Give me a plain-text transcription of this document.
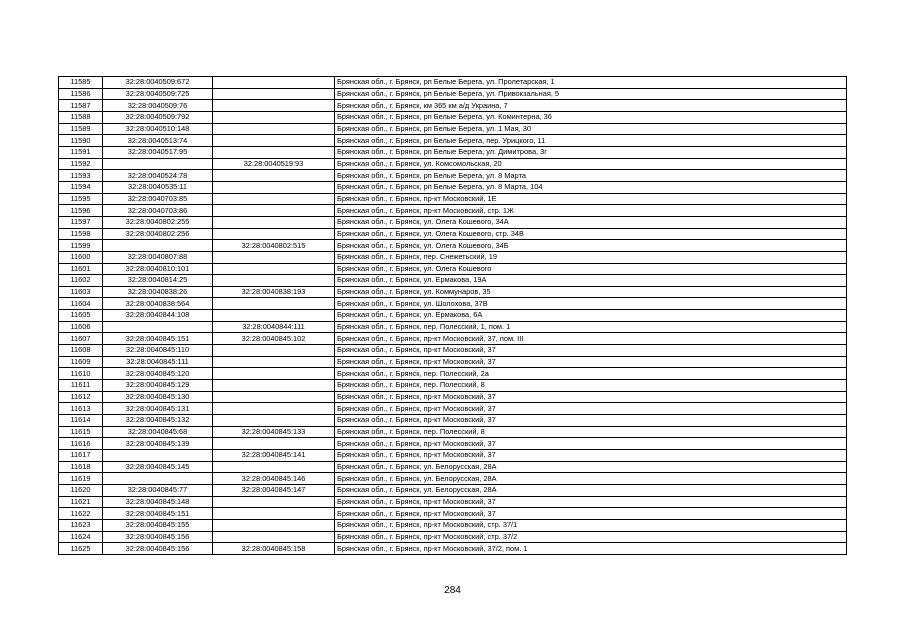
11585	32:28:0040509:672		Брянская обл., г. Брянск, рп Белые Берега, ул. Пролетарская, 1
11586	32:28:0040509:725		Брянская обл., г. Брянск, рп Белые Берега, ул. Привокзальная, 5
11587	32:28:0040509:76		Брянская обл., г. Брянск, км 365 км а/д Украина, 7
11588	32:28:0040509:792		Брянская обл., г. Брянск, рп Белые Берега, ул. Коминтерна, 36
11589	32:28:0040510:148		Брянская обл., г. Брянск, рп Белые Берега, ул. 1 Мая, 30
11590	32:28:0040513:74		Брянская обл., г. Брянск, рп Белые Берега, пер. Урицкого, 11
11591	32:28:0040517:95		Брянская обл., г. Брянск, рп Белые Берега, ул. Димитрова, 3г
11592		32:28:0040519:93	Брянская обл., г. Брянск, ул. Комсомольская, 20
11593	32:28:0040524:78		Брянская обл., г. Брянск, рп Белые Берега, ул. 8 Марта
11594	32:28:0040535:11		Брянская обл., г. Брянск, рп Белые Берега, ул. 8 Марта, 104
11595	32:28:0040703:85		Брянская обл., г. Брянск, пр-кт Московский, 1Е
11596	32:28:0040703:86		Брянская обл., г. Брянск, пр-кт Московский, стр. 1Ж
11597	32:28:0040802:255		Брянская обл., г. Брянск, ул. Олега Кошевого, 34А
11598	32:28:0040802:256		Брянская обл., г. Брянск, ул. Олега Кошевого, стр. 34В
11599		32:28:0040802:515	Брянская обл., г. Брянск, ул. Олега Кошевого, 34Б
11600	32:28:0040807:88		Брянская обл., г. Брянск, пер. Снежетьский, 19
11601	32:28:0040810:101		Брянская обл., г. Брянск, ул. Олега Кошевого
11602	32:28:0040814:25		Брянская обл., г. Брянск, ул. Ермакова, 19А
11603	32:28:0040838:26	32:28:0040838:193	Брянская обл., г. Брянск, ул. Коммунаров, 35
11604	32:28:0040838:564		Брянская обл., г. Брянск, ул. Шолохова, 37В
11605	32:28:0040844:108		Брянская обл., г. Брянск, ул. Ермакова, 6А
11606		32:28:0040844:111	Брянская обл., г. Брянск, пер. Полесский, 1, пом. 1
11607	32:28:0040845:151	32:28:0040845:102	Брянская обл., г. Брянск, пр-кт Московский, 37, пом. III
11608	32:28:0040845:110		Брянская обл., г. Брянск, пр-кт Московский, 37
11609	32:28:0040845:111		Брянская обл., г. Брянск, пр-кт Московский, 37
11610	32:28:0040845:120		Брянская обл., г. Брянск, пер. Полесский, 2а
11611	32:28:0040845:129		Брянская обл., г. Брянск, пер. Полесский, 8
11612	32:28:0040845:130		Брянская обл., г. Брянск, пр-кт Московский, 37
11613	32:28:0040845:131		Брянская обл., г. Брянск, пр-кт Московский, 37
11614	32:28:0040845:132		Брянская обл., г. Брянск, пр-кт Московский, 37
11615	32:28:0040845:68	32:28:0040845:133	Брянская обл., г. Брянск, пер. Полесский, 8
11616	32:28:0040845:139		Брянская обл., г. Брянск, пр-кт Московский, 37
11617		32:28:0040845:141	Брянская обл., г. Брянск, пр-кт Московский, 37
11618	32:28:0040845:145		Брянская обл., г. Брянск, ул. Белорусская, 28А
11619		32:28:0040845:146	Брянская обл., г. Брянск, ул. Белорусская, 28А
11620	32:28:0040845:77	32:28:0040845:147	Брянская обл., г. Брянск, ул. Белорусская, 28А
11621	32:28:0040845:148		Брянская обл., г. Брянск, пр-кт Московский, 37
11622	32:28:0040845:151		Брянская обл., г. Брянск, пр-кт Московский, 37
11623	32:28:0040845:155		Брянская обл., г. Брянск, пр-кт Московский, стр. 37/1
11624	32:28:0040845:156		Брянская обл., г. Брянск, пр-кт Московский, стр. 37/2
11625	32:28:0040845:156	32:28:0040845:158	Брянская обл., г. Брянск, пр-кт Московский, 37/2, пом. 1
284
